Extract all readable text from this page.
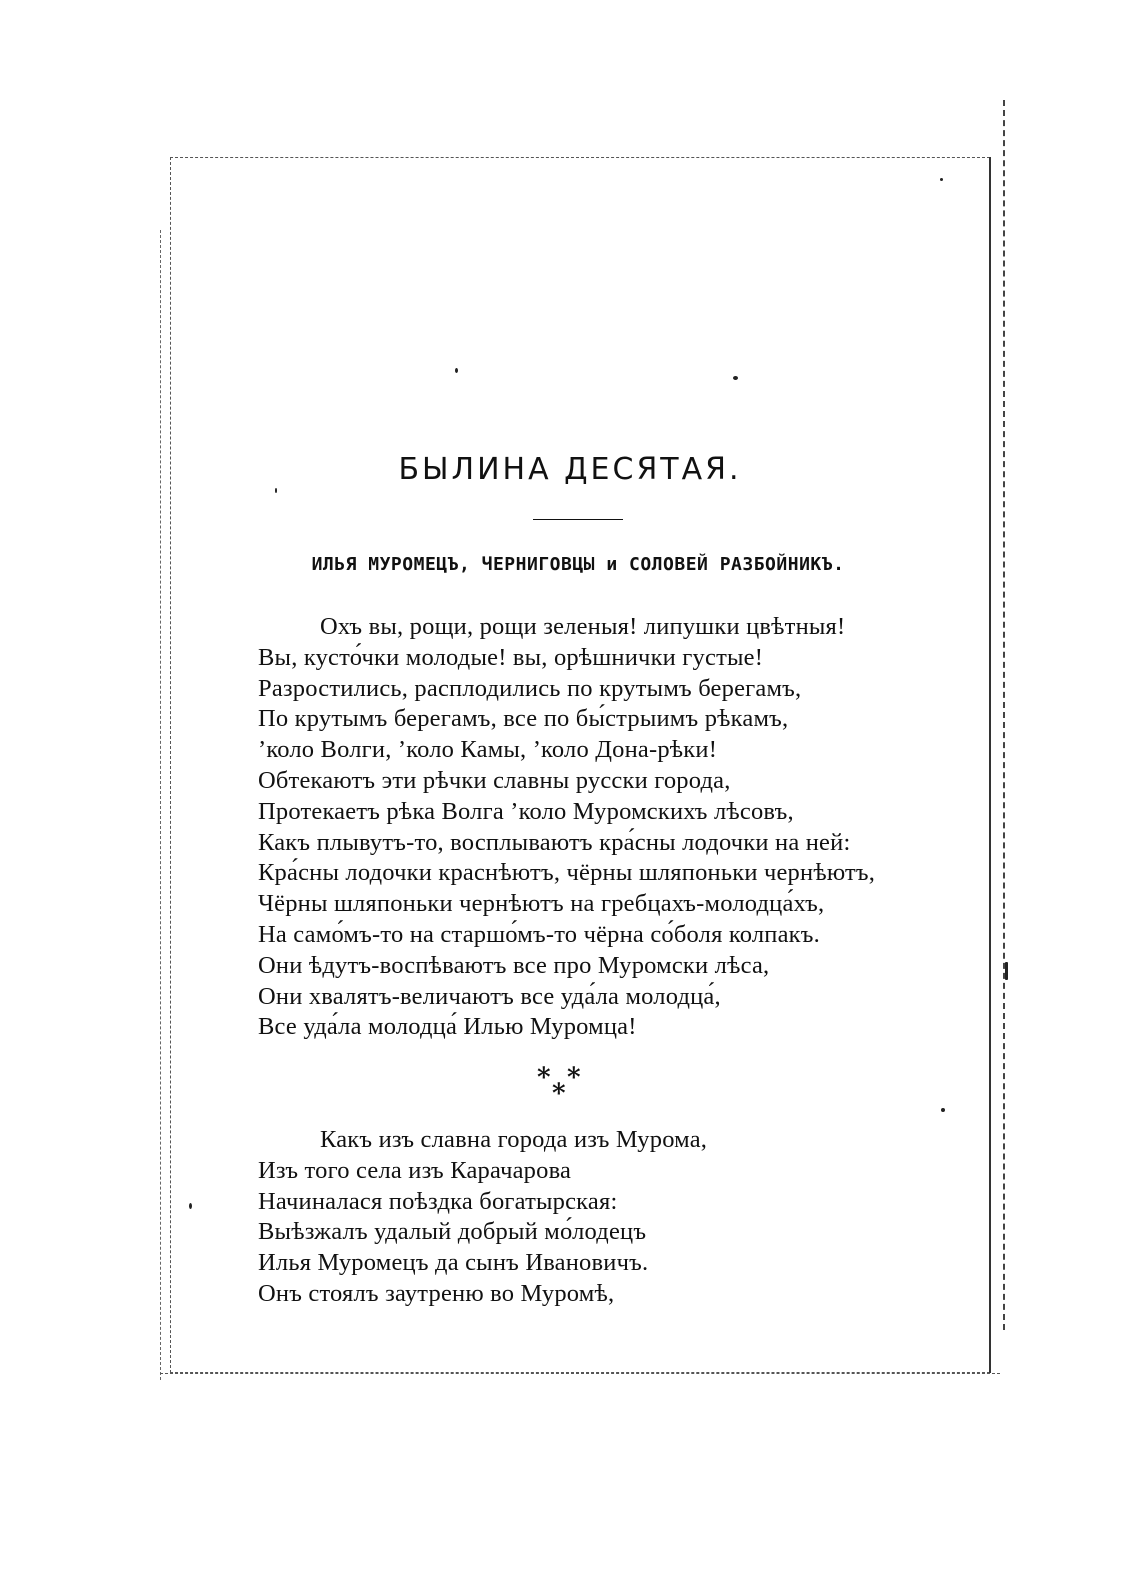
БЫЛИНА ДЕСЯТАЯ.
ИЛЬЯ МУРОМЕЦЪ, ЧЕРНИГОВЦЫ и СОЛОВЕЙ РАЗБОЙНИКЪ.
Охъ вы, рощи, рощи зеленыя! липушки цвѣтныя!
Вы, кусто́чки молодые! вы, орѣшнички густые!
Разростились, расплодились по крутымъ берегамъ,
По крутымъ берегамъ, все по бы́стрыимъ рѣкамъ,
’коло Волги, ’коло Камы, ’коло Дона-рѣки!
Обтекаютъ эти рѣчки славны русски города,
Протекаетъ рѣка Волга ’коло Муромскихъ лѣсовъ,
Какъ плывутъ-то, восплываютъ кра́сны лодочки на ней:
Кра́сны лодочки краснѣютъ, чёрны шляпоньки чернѣютъ,
Чёрны шляпоньки чернѣютъ на гребцахъ-молодца́хъ,
На само́мъ-то на старшо́мъ-то чёрна со́боля колпакъ.
Они ѣдутъ-воспѣваютъ все про Муромски лѣса,
Они хвалятъ-величаютъ все уда́ла молодца́,
Все уда́ла молодца́ Илью Муромца!
* *
*
Какъ изъ славна города изъ Мурома,
Изъ того села изъ Карачарова
Начиналася поѣздка богатырская:
Выѣзжалъ удалый добрый мо́лодецъ
Илья Муромецъ да сынъ Ивановичъ.
Онъ стоялъ заутреню во Муромѣ,
